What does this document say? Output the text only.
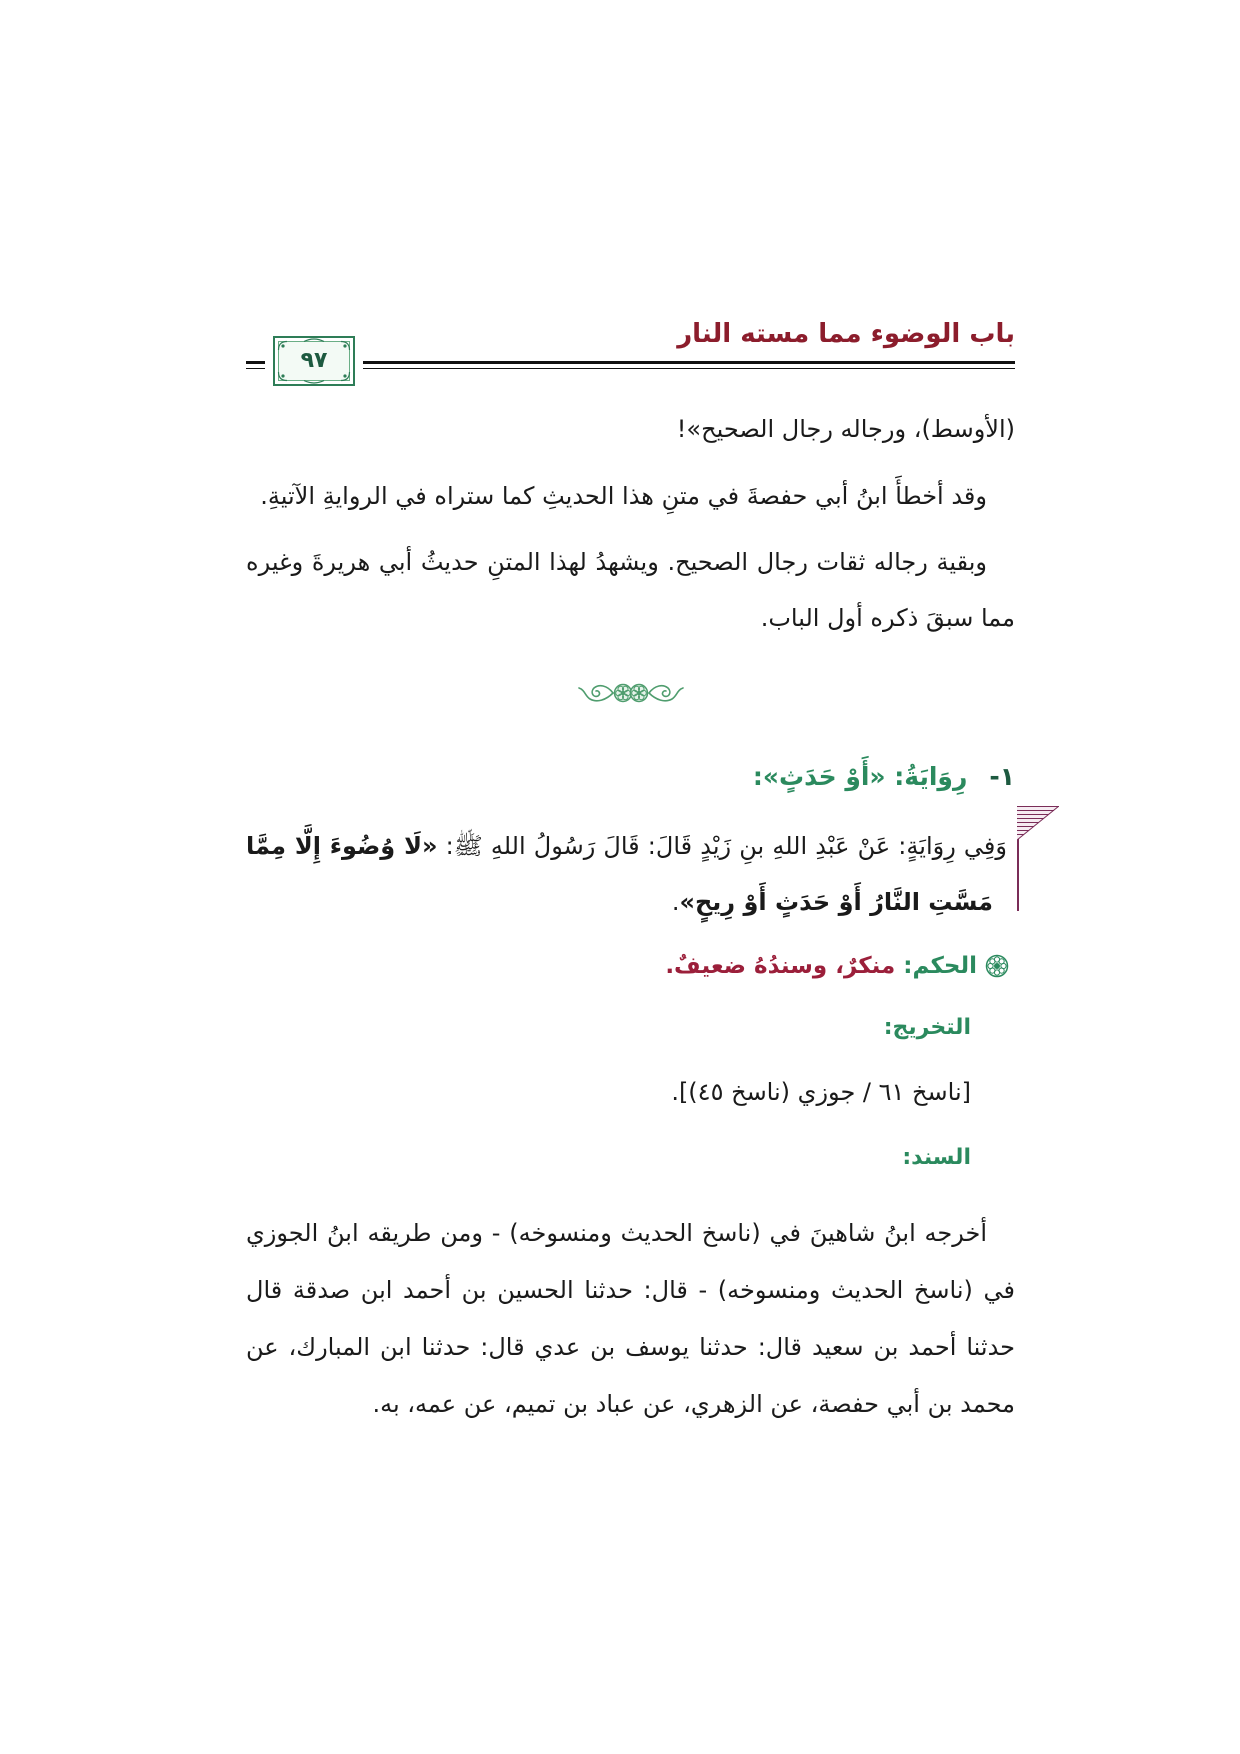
باب الوضوء مما مسته النار
٩٧

(الأوسط)، ورجاله رجال الصحيح»!

وقد أخطأَ ابنُ أبي حفصةَ في متنِ هذا الحديثِ كما ستراه في الروايةِ الآتيةِ.

وبقية رجاله ثقات رجال الصحيح. ويشهدُ لهذا المتنِ حديثُ أبي هريرةَ وغيره مما سبقَ ذكره أول الباب.

١-رِوَايَةُ: «أَوْ حَدَثٍ»:
وَفِي رِوَايَةٍ: عَنْ عَبْدِ اللهِ بنِ زَيْدٍ قَالَ: قَالَ رَسُولُ اللهِ ﷺ: «لَا وُضُوءَ إِلَّا مِمَّا مَسَّتِ النَّارُ أَوْ حَدَثٍ أَوْ رِيحٍ».
الحكم:منكرٌ، وسندُهُ ضعيفٌ.
التخريج:
[ناسخ ٦١ / جوزي (ناسخ ٤٥)].
السند:

أخرجه ابنُ شاهينَ في (ناسخ الحديث ومنسوخه) - ومن طريقه ابنُ الجوزي في (ناسخ الحديث ومنسوخه) - قال: حدثنا الحسين بن أحمد ابن صدقة قال حدثنا أحمد بن سعيد قال: حدثنا يوسف بن عدي قال: حدثنا ابن المبارك، عن محمد بن أبي حفصة، عن الزهري، عن عباد بن تميم، عن عمه، به.
